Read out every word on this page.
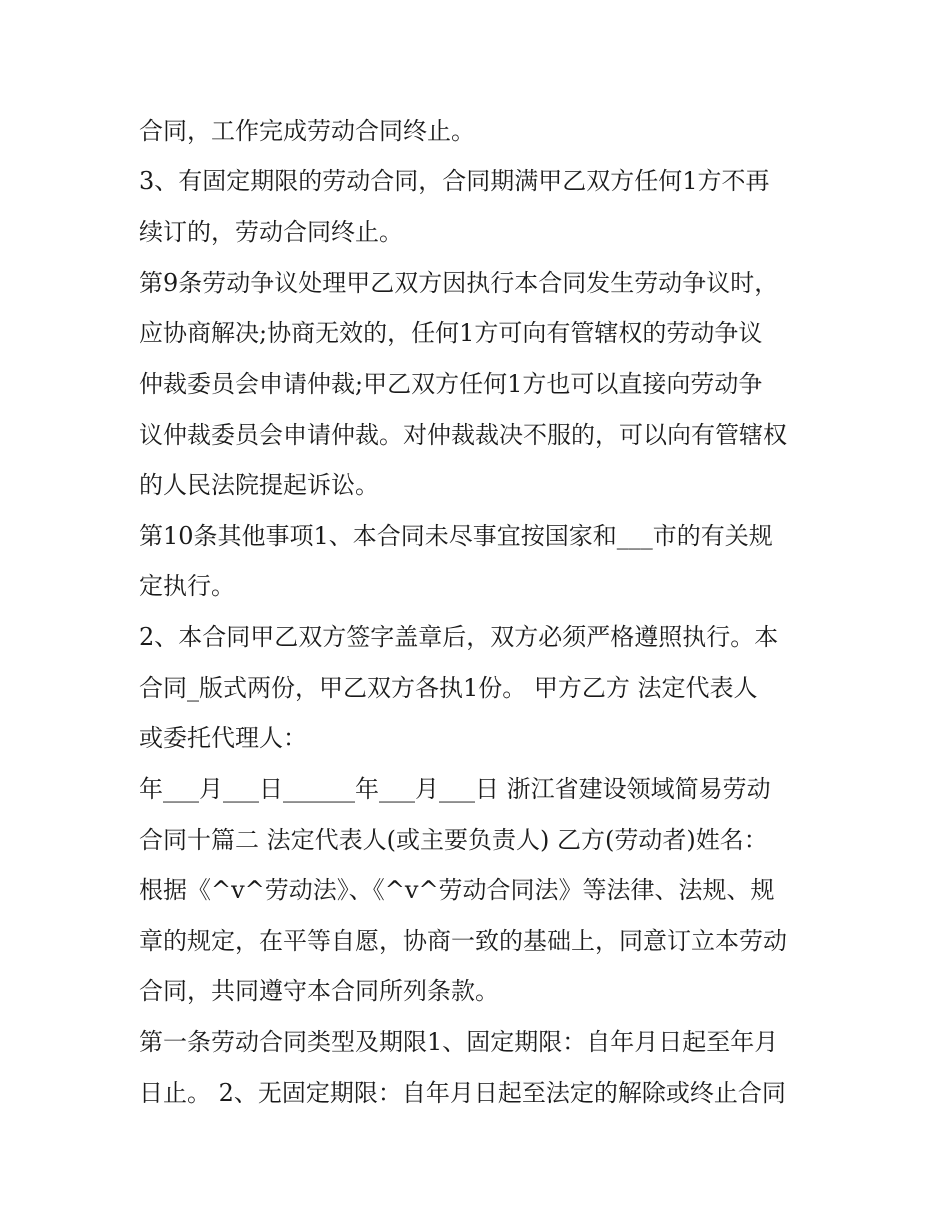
合同，工作完成劳动合同终止。
3、有固定期限的劳动合同，合同期满甲乙双方任何1方不再
续订的，劳动合同终止。
第9条劳动争议处理甲乙双方因执行本合同发生劳动争议时，
应协商解决;协商无效的，任何1方可向有管辖权的劳动争议
仲裁委员会申请仲裁;甲乙双方任何1方也可以直接向劳动争
议仲裁委员会申请仲裁。对仲裁裁决不服的，可以向有管辖权
的人民法院提起诉讼。
第10条其他事项1、本合同未尽事宜按国家和___市的有关规
定执行。
2、本合同甲乙双方签字盖章后，双方必须严格遵照执行。本
合同_版式两份，甲乙双方各执1份。 甲方乙方 法定代表人
或委托代理人：
年___月___日______年___月___日 浙江省建设领域简易劳动
合同十篇二 法定代表人(或主要负责人) 乙方(劳动者)姓名：
根据《^v^劳动法》、《^v^劳动合同法》等法律、法规、规
章的规定，在平等自愿，协商一致的基础上，同意订立本劳动
合同，共同遵守本合同所列条款。
第一条劳动合同类型及期限1、固定期限：自年月日起至年月
日止。 2、无固定期限：自年月日起至法定的解除或终止合同
